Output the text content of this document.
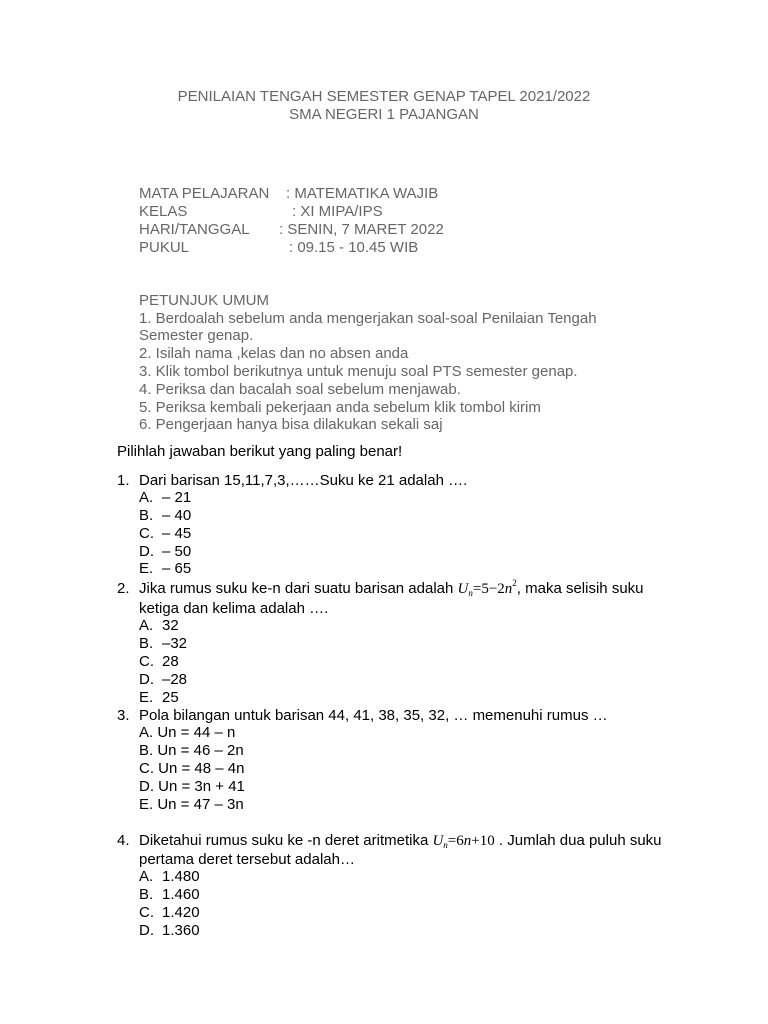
PENILAIAN TENGAH SEMESTER GENAP TAPEL 2021/2022
SMA NEGERI 1 PAJANGAN
MATA PELAJARAN : MATEMATIKA WAJIB
KELAS	: XI MIPA/IPS
HARI/TANGGAL : SENIN, 7 MARET 2022
PUKUL	: 09.15 - 10.45 WIB
PETUNJUK UMUM
1. Berdoalah sebelum anda mengerjakan soal-soal Penilaian Tengah
Semester genap.
2. Isilah nama ,kelas dan no absen anda
3. Klik tombol berikutnya untuk menuju soal PTS semester genap.
4. Periksa dan bacalah soal sebelum menjawab.
5. Periksa kembali pekerjaan anda sebelum klik tombol kirim
6. Pengerjaan hanya bisa dilakukan sekali saj
Pilihlah jawaban berikut yang paling benar!
1. Dari barisan 15,11,7,3,……Suku ke 21 adalah ….
A. – 21
B. – 40
C. – 45
D. – 50
E. – 65
2. Jika rumus suku ke-n dari suatu barisan adalah $U_n=5-2n^2$, maka selisih suku
ketiga dan kelima adalah ….
A. 32
B. –32
C. 28
D. –28
E. 25
3. Pola bilangan untuk barisan 44, 41, 38, 35, 32, … memenuhi rumus …
A. Un = 44 – n
B. Un = 46 – 2n
C. Un = 48 – 4n
D. Un = 3n + 41
E. Un = 47 – 3n
4. Diketahui rumus suku ke -n deret aritmetika $U_n=6n+10$ . Jumlah dua puluh suku
pertama deret tersebut adalah…
A. 1.480
B. 1.460
C. 1.420
D. 1.360
